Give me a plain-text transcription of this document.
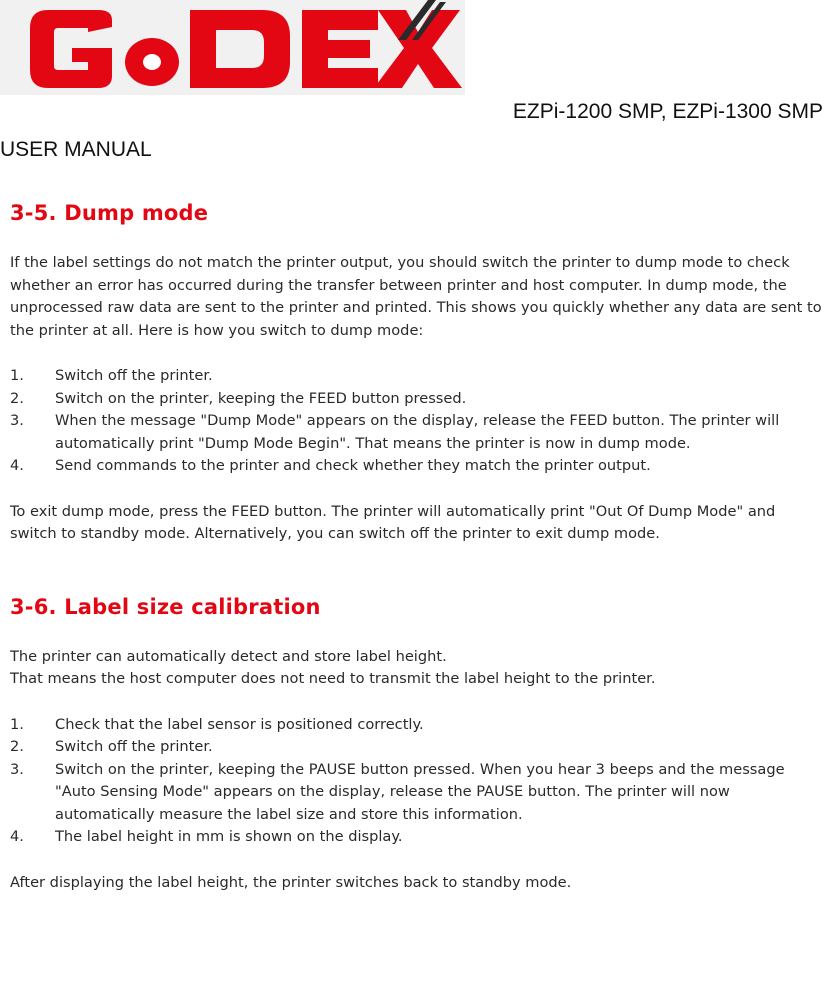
EZPi-1200 SMP, EZPi-1300 SMP
USER MANUAL
3-5. Dump mode

If the label settings do not match the printer output, you should switch the printer to dump mode to check whether an error has occurred during the transfer between printer and host computer. In dump mode, the unprocessed raw data are sent to the printer and printed. This shows you quickly whether any data are sent to the printer at all. Here is how you switch to dump mode:

1. Switch off the printer.
2. Switch on the printer, keeping the FEED button pressed.
3. When the message "Dump Mode" appears on the display, release the FEED button. The printer will automatically print "Dump Mode Begin". That means the printer is now in dump mode.
4. Send commands to the printer and check whether they match the printer output.

To exit dump mode, press the FEED button. The printer will automatically print "Out Of Dump Mode" and switch to standby mode. Alternatively, you can switch off the printer to exit dump mode.

3-6. Label size calibration

The printer can automatically detect and store label height.

That means the host computer does not need to transmit the label height to the printer.

1. Check that the label sensor is positioned correctly.
2. Switch off the printer.
3. Switch on the printer, keeping the PAUSE button pressed. When you hear 3 beeps and the message "Auto Sensing Mode" appears on the display, release the PAUSE button. The printer will now automatically measure the label size and store this information.
4. The label height in mm is shown on the display.

After displaying the label height, the printer switches back to standby mode.
